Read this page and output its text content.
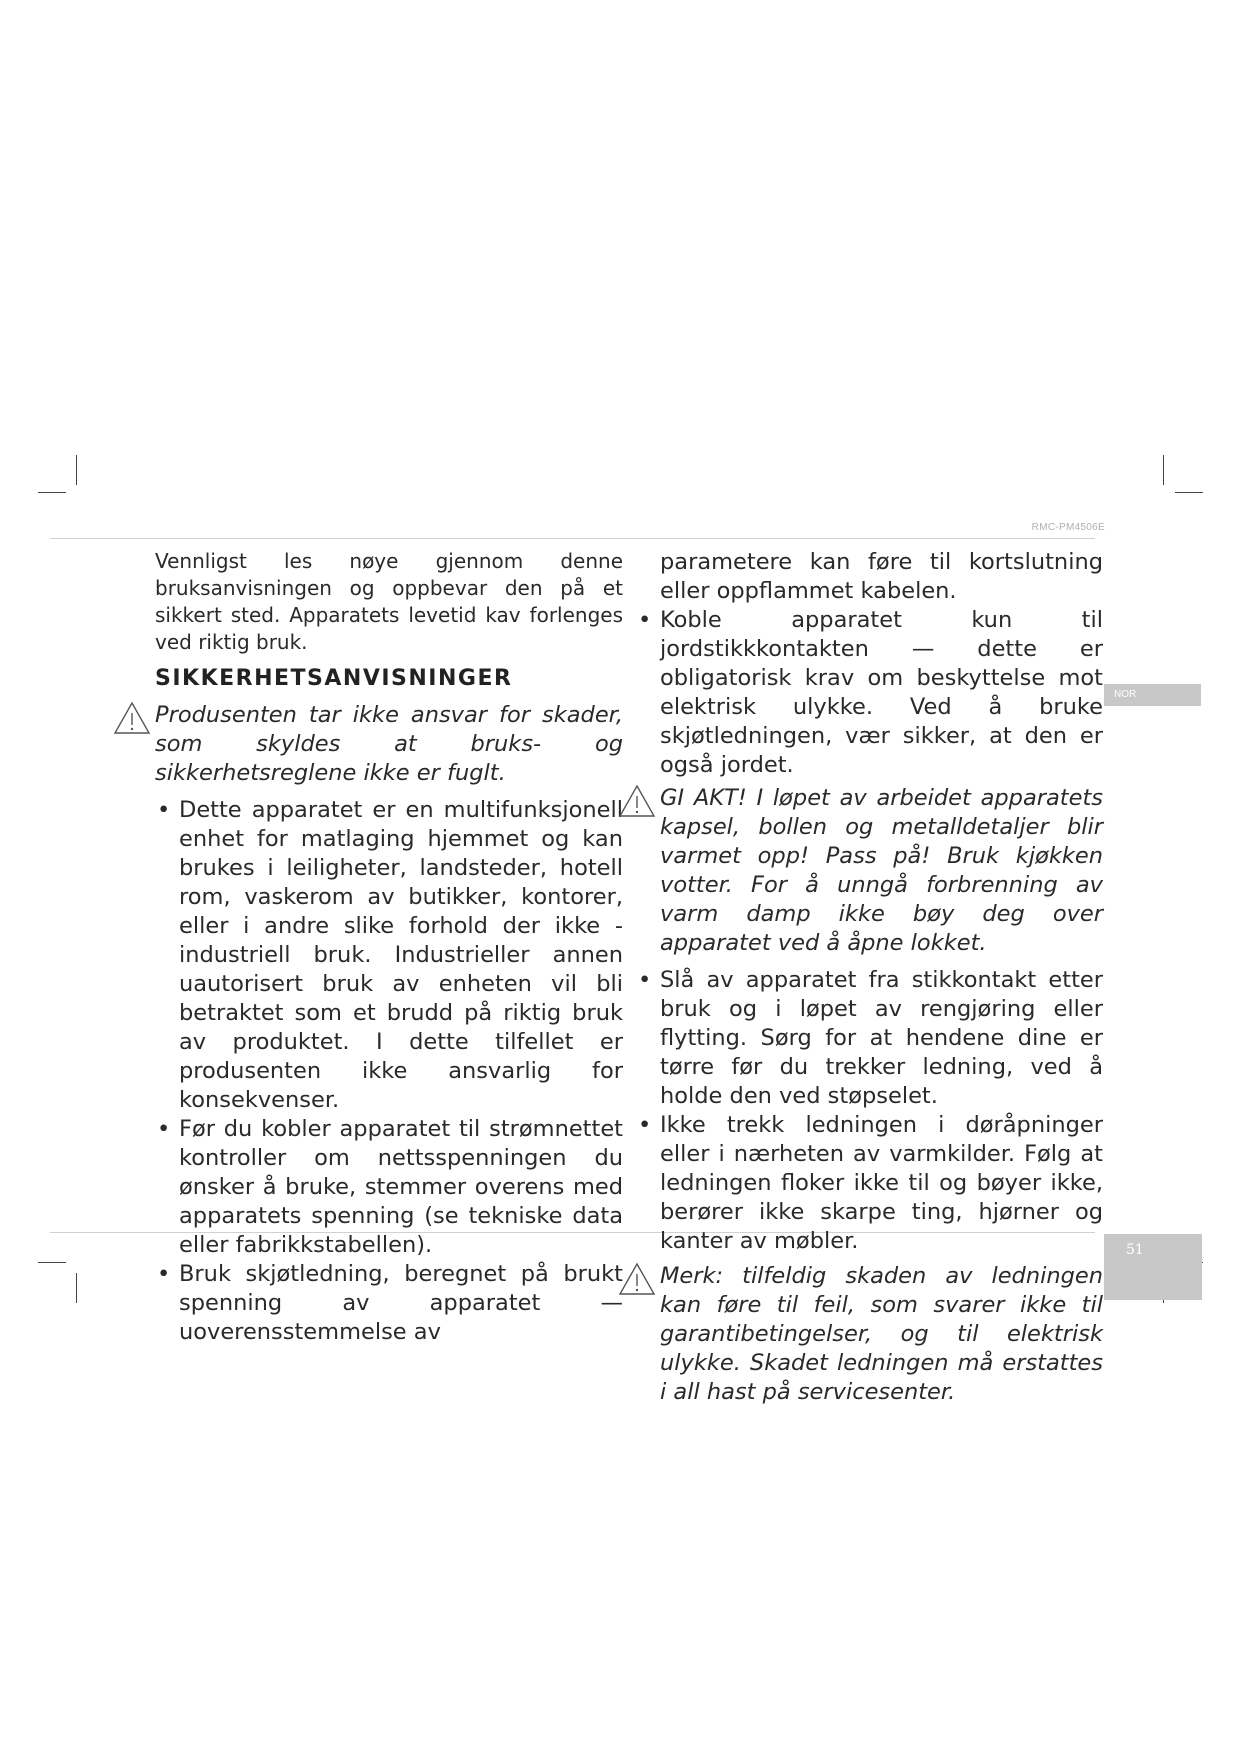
RMC-PM4506E
NOR
51

Vennligst les nøye gjennom denne bruksanvisningen og oppbevar den på et sikkert sted. Apparatets levetid kav forlenges ved riktig bruk.

SIKKERHETSANVISNINGER

Produsenten tar ikke ansvar for skader, som skyldes at bruks- og sikkerhetsreglene ikke er fuglt.
• Dette apparatet er en multifunksjonell enhet for matlaging hjemmet og kan brukes i leiligheter, landsteder, hotell rom, vaskerom av butikker, kontorer, eller i andre slike forhold der ikke - industriell bruk. Industrieller annen uautorisert bruk av enheten vil bli betraktet som et brudd på riktig bruk av produktet. I dette tilfellet er produsenten ikke ansvarlig for konsekvenser.
• Før du kobler apparatet til strømnettet kontroller om nettsspenningen du ønsker å bruke, stemmer overens med apparatets spenning (se tekniske data eller fabrikkstabellen).
• Bruk skjøtledning, beregnet på brukt spenning av apparatet — uoverensstemmelse av

parametere kan føre til kortslutning eller oppflammet kabelen.

• Koble apparatet kun til jordstikkkontakten — dette er obligatorisk krav om beskyttelse mot elektrisk ulykke. Ved å bruke skjøtledningen, vær sikker, at den er også jordet.
GI AKT! I løpet av arbeidet apparatets kapsel, bollen og metalldetaljer blir varmet opp! Pass på! Bruk kjøkken votter. For å unngå forbrenning av varm damp ikke bøy deg over apparatet ved å åpne lokket.
• Slå av apparatet fra stikkontakt etter bruk og i løpet av rengjøring eller flytting. Sørg for at hendene dine er tørre før du trekker ledning, ved å holde den ved støpselet.
• Ikke trekk ledningen i døråpninger eller i nærheten av varmkilder. Følg at ledningen floker ikke til og bøyer ikke, berører ikke skarpe ting, hjørner og kanter av møbler.
Merk: tilfeldig skaden av ledningen kan føre til feil, som svarer ikke til garantibetingelser, og til elektrisk ulykke. Skadet ledningen må erstattes i all hast på servicesenter.
